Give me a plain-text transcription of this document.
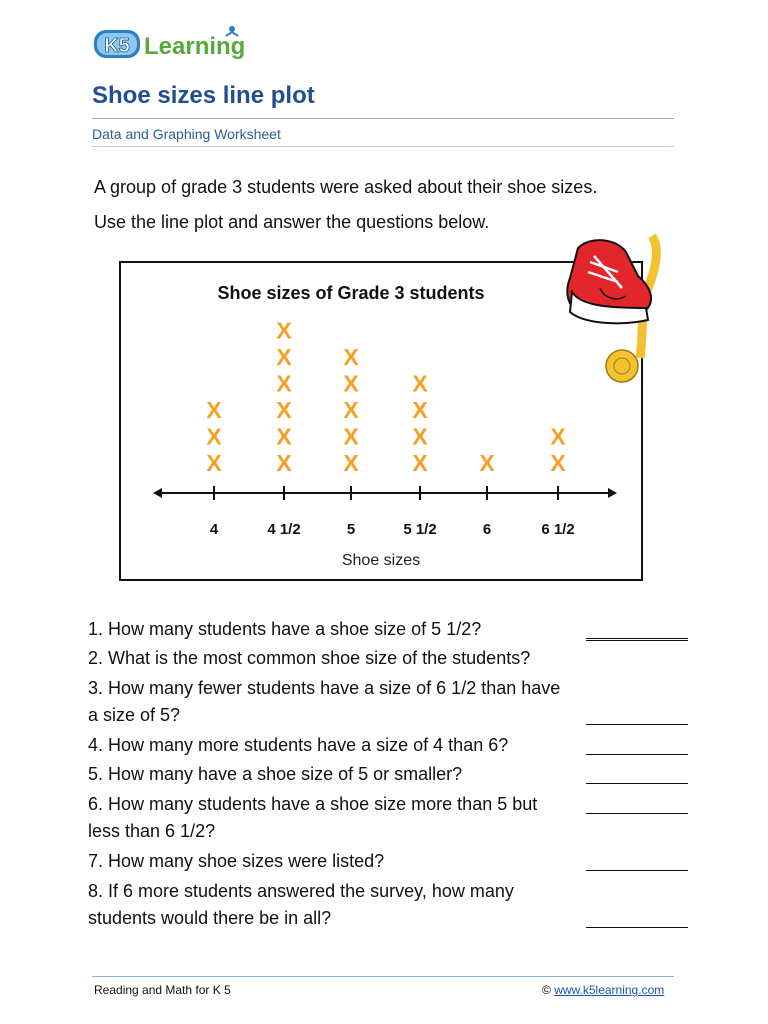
K5 Learning
Shoe sizes line plot
Data and Graphing Worksheet
A group of grade 3 students were asked about their shoe sizes.
Use the line plot and answer the questions below.
Shoe sizes of Grade 3 students
X
X
X
X
X
X
X
X
X
X
X
X
X
X
X
X
X
X
X X
X
4	4 1/2	5	5 1/2	6	6 1/2
Shoe sizes
1. How many students have a shoe size of 5 1/2?
2. What is the most common shoe size of the students?
3. How many fewer students have a size of 6 1/2 than have a size of 5?
4. How many more students have a size of 4 than 6?
5. How many have a shoe size of 5 or smaller?
6. How many students have a shoe size more than 5 but less than 6 1/2?
7. How many shoe sizes were listed?
8. If 6 more students answered the survey, how many students would there be in all?
Reading and Math for K 5	© www.k5learning.com
